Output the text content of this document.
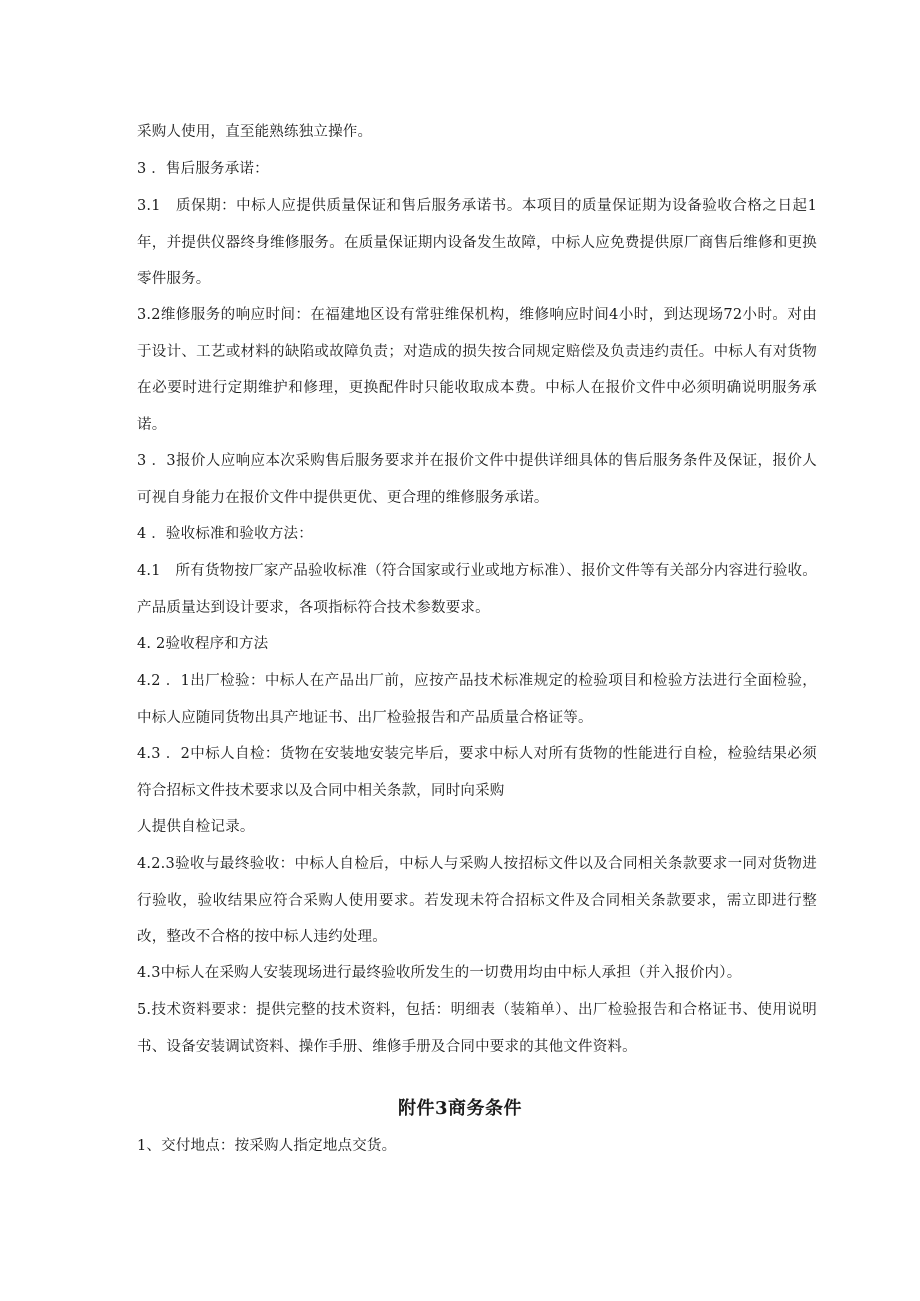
采购人使用，直至能熟练独立操作。

3 ．售后服务承诺：

3.1　质保期：中标人应提供质量保证和售后服务承诺书。本项目的质量保证期为设备验收合格之日起1年，并提供仪器终身维修服务。在质量保证期内设备发生故障，中标人应免费提供原厂商售后维修和更换零件服务。

3.2维修服务的响应时间：在福建地区设有常驻维保机构，维修响应时间4小时，到达现场72小时。对由于设计、工艺或材料的缺陷或故障负责；对造成的损失按合同规定赔偿及负责违约责任。中标人有对货物在必要时进行定期维护和修理，更换配件时只能收取成本费。中标人在报价文件中必须明确说明服务承诺。

3 ．3报价人应响应本次采购售后服务要求并在报价文件中提供详细具体的售后服务条件及保证，报价人可视自身能力在报价文件中提供更优、更合理的维修服务承诺。

4 ．验收标准和验收方法：

4.1　所有货物按厂家产品验收标准（符合国家或行业或地方标准）、报价文件等有关部分内容进行验收。产品质量达到设计要求，各项指标符合技术参数要求。

4. 2验收程序和方法

4.2 ．1出厂检验：中标人在产品出厂前，应按产品技术标准规定的检验项目和检验方法进行全面检验，中标人应随同货物出具产地证书、出厂检验报告和产品质量合格证等。

4.3 ．2中标人自检：货物在安装地安装完毕后，要求中标人对所有货物的性能进行自检，检验结果必须符合招标文件技术要求以及合同中相关条款，同时向采购

人提供自检记录。

4.2.3验收与最终验收：中标人自检后，中标人与采购人按招标文件以及合同相关条款要求一同对货物进行验收，验收结果应符合采购人使用要求。若发现未符合招标文件及合同相关条款要求，需立即进行整改，整改不合格的按中标人违约处理。

4.3中标人在采购人安装现场进行最终验收所发生的一切费用均由中标人承担（并入报价内）。

5.技术资料要求：提供完整的技术资料，包括：明细表（装箱单）、出厂检验报告和合格证书、使用说明书、设备安装调试资料、操作手册、维修手册及合同中要求的其他文件资料。

附件3商务条件

1、交付地点：按采购人指定地点交货。
